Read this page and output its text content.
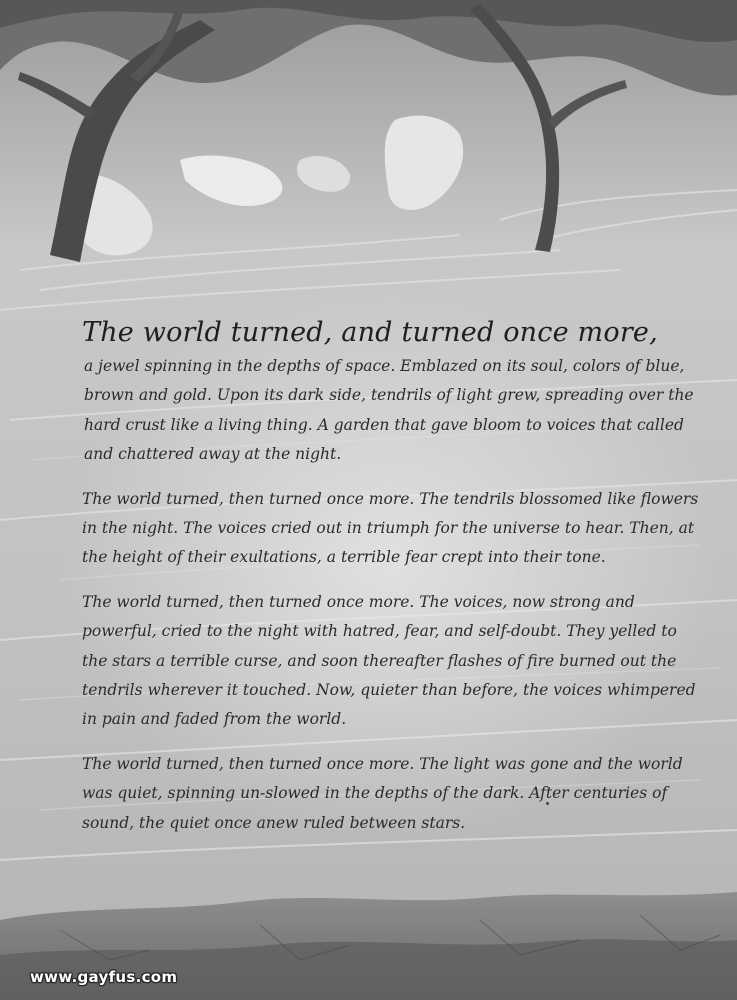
The world turned, and turned once more,

a jewel spinning in the depths of space. Emblazed on its soul, colors of blue, brown and gold. Upon its dark side, tendrils of light grew, spreading over the hard crust like a living thing. A garden that gave bloom to voices that called and chattered away at the night.

The world turned, then turned once more. The tendrils blossomed like flowers in the night. The voices cried out in triumph for the universe to hear. Then, at the height of their exultations, a terrible fear crept into their tone.

The world turned, then turned once more. The voices, now strong and powerful, cried to the night with hatred, fear, and self-doubt. They yelled to the stars a terrible curse, and soon thereafter flashes of fire burned out the tendrils wherever it touched. Now, quieter than before, the voices whimpered in pain and faded from the world.

The world turned, then turned once more. The light was gone and the world was quiet, spinning un-slowed in the depths of the dark. After centuries of sound, the quiet once anew ruled between stars.

www.gayfus.com
